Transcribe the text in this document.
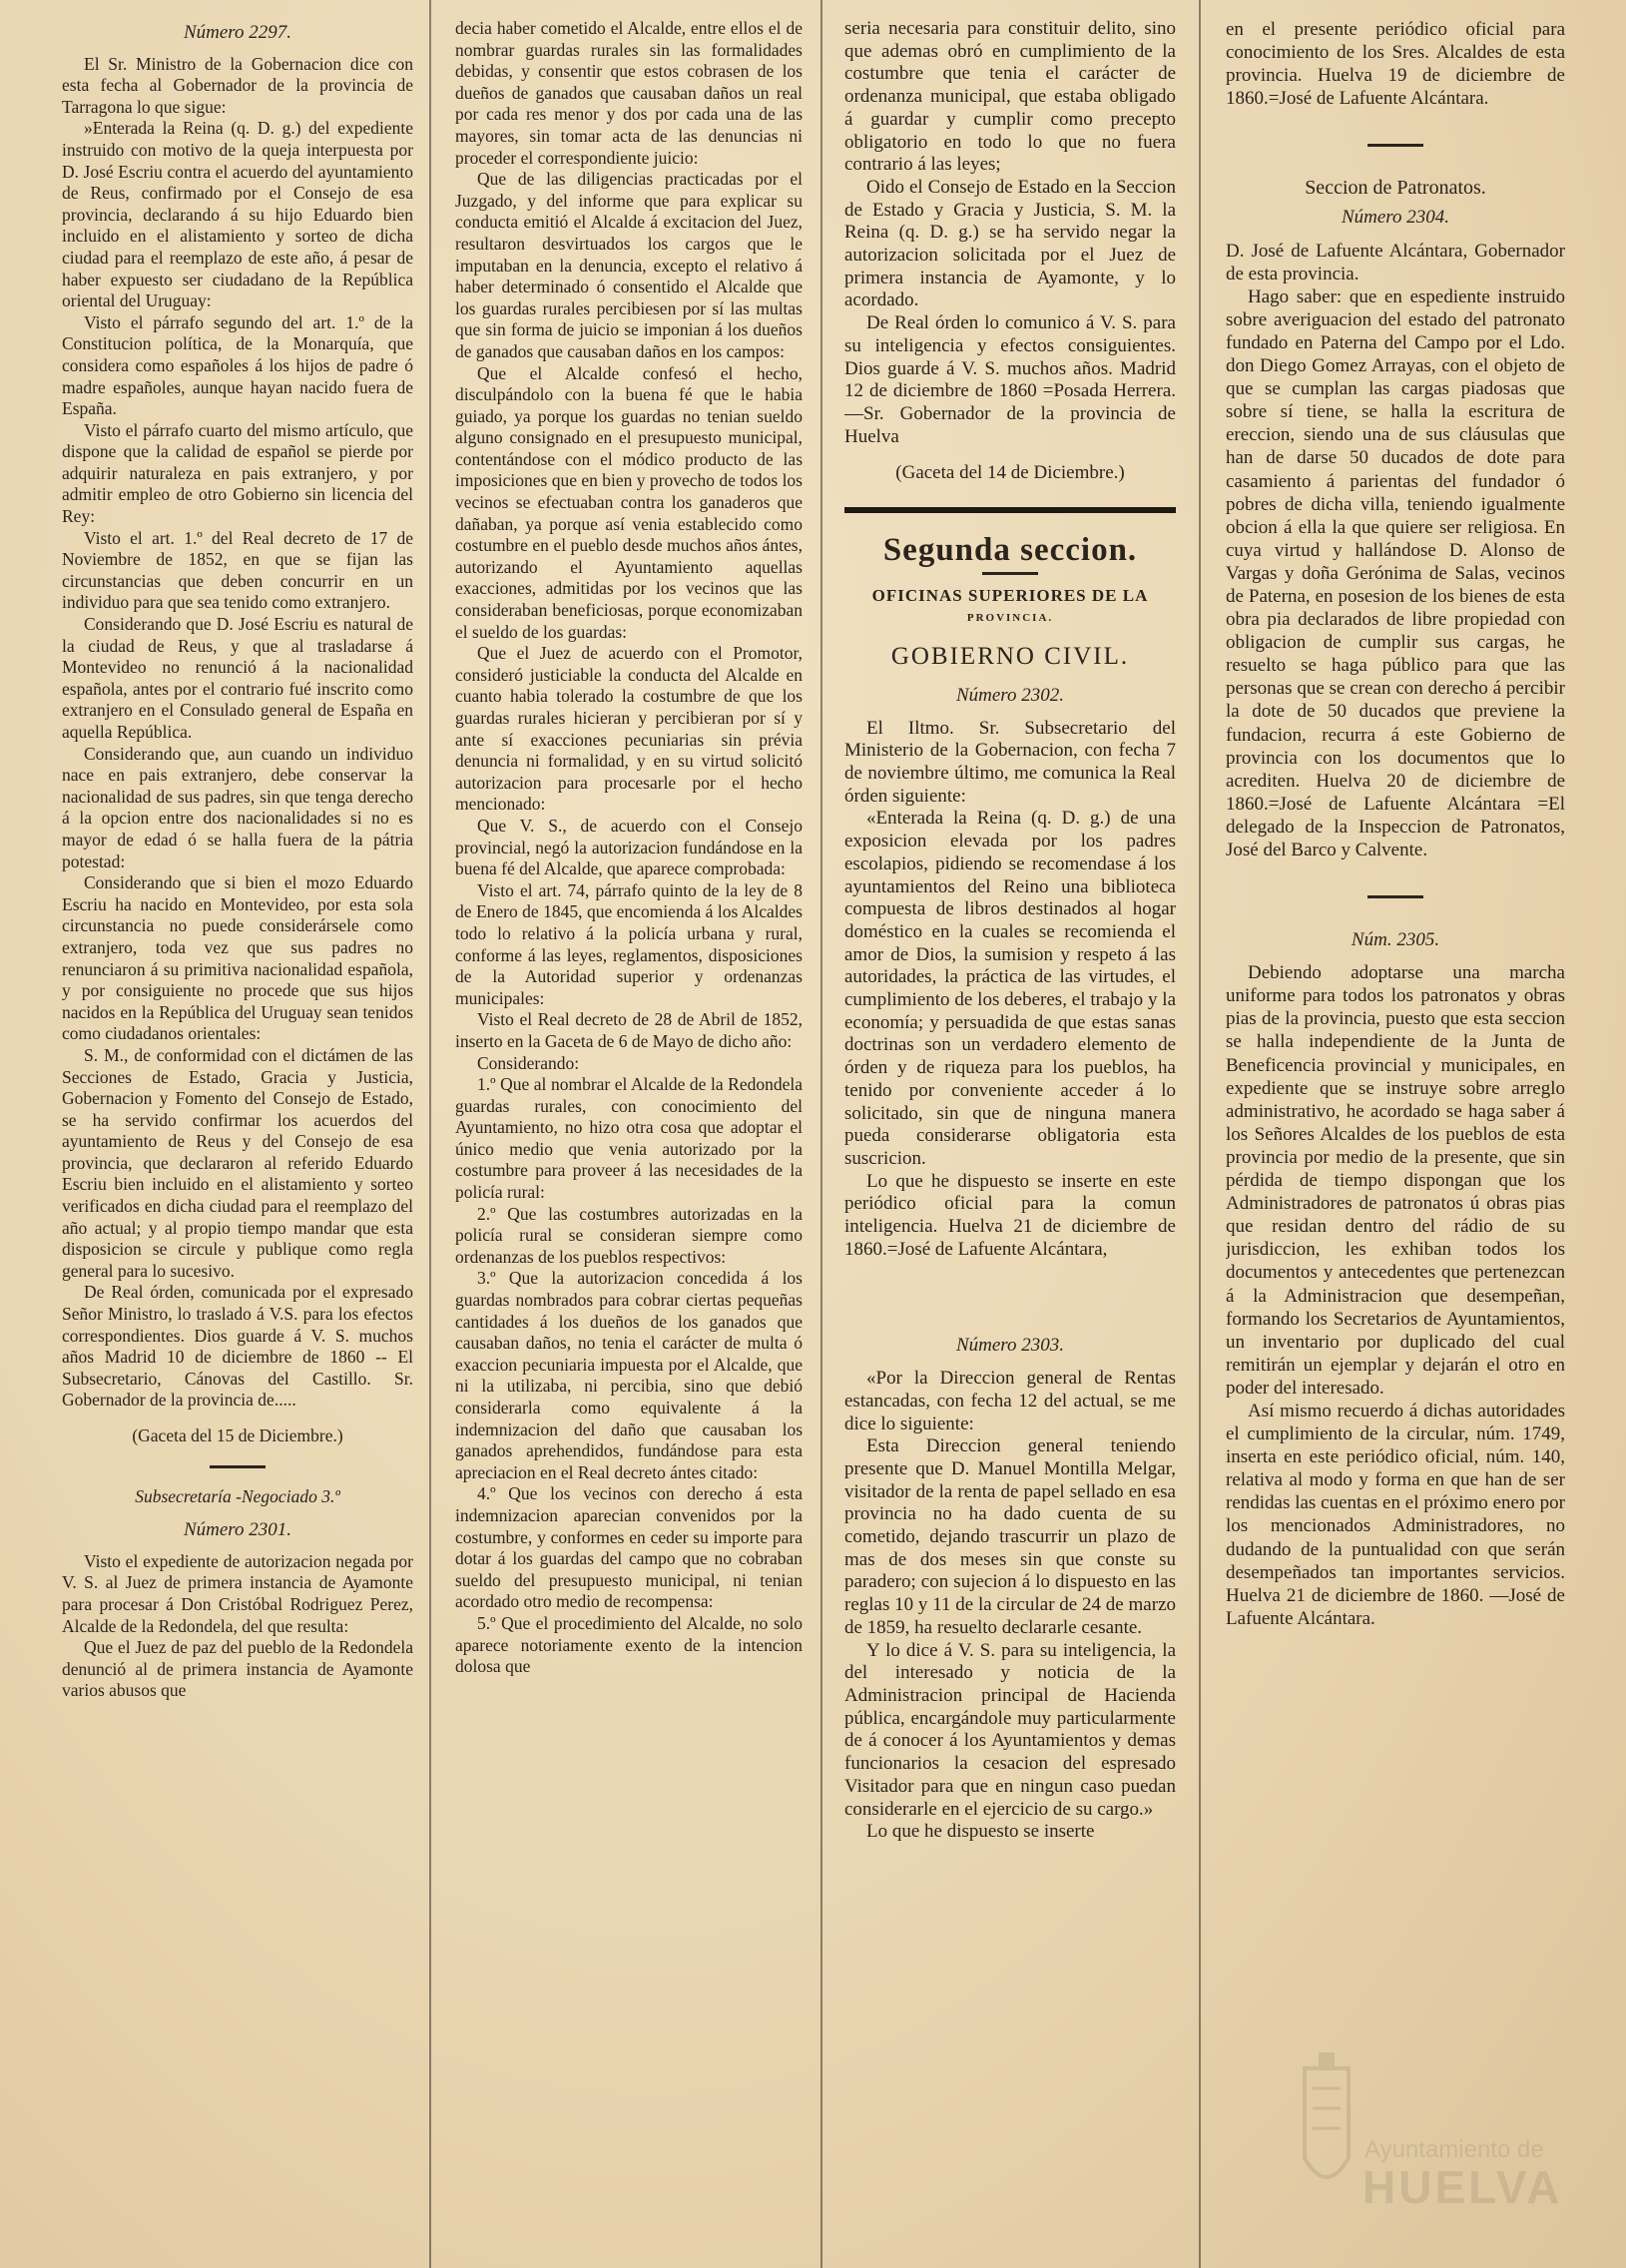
Número 2297.

El Sr. Ministro de la Gobernacion dice con esta fecha al Gobernador de la provincia de Tarragona lo que sigue:

»Enterada la Reina (q. D. g.) del expediente instruido con motivo de la queja interpuesta por D. José Escriu contra el acuerdo del ayuntamiento de Reus, confirmado por el Consejo de esa provincia, declarando á su hijo Eduardo bien incluido en el alistamiento y sorteo de dicha ciudad para el reemplazo de este año, á pesar de haber expuesto ser ciudadano de la República oriental del Uruguay:

Visto el párrafo segundo del art. 1.º de la Constitucion política, de la Monarquía, que considera como españoles á los hijos de padre ó madre españoles, aunque hayan nacido fuera de España.

Visto el párrafo cuarto del mismo artículo, que dispone que la calidad de español se pierde por adquirir naturaleza en pais extranjero, y por admitir empleo de otro Gobierno sin licencia del Rey:

Visto el art. 1.º del Real decreto de 17 de Noviembre de 1852, en que se fijan las circunstancias que deben concurrir en un individuo para que sea tenido como extranjero.

Considerando que D. José Escriu es natural de la ciudad de Reus, y que al trasladarse á Montevideo no renunció á la nacionalidad española, antes por el contrario fué inscrito como extranjero en el Consulado general de España en aquella República.

Considerando que, aun cuando un individuo nace en pais extranjero, debe conservar la nacionalidad de sus padres, sin que tenga derecho á la opcion entre dos nacionalidades si no es mayor de edad ó se halla fuera de la pátria potestad:

Considerando que si bien el mozo Eduardo Escriu ha nacido en Montevideo, por esta sola circunstancia no puede considerársele como extranjero, toda vez que sus padres no renunciaron á su primitiva nacionalidad española, y por consiguiente no procede que sus hijos nacidos en la República del Uruguay sean tenidos como ciudadanos orientales:

S. M., de conformidad con el dictámen de las Secciones de Estado, Gracia y Justicia, Gobernacion y Fomento del Consejo de Estado, se ha servido confirmar los acuerdos del ayuntamiento de Reus y del Consejo de esa provincia, que declararon al referido Eduardo Escriu bien incluido en el alistamiento y sorteo verificados en dicha ciudad para el reemplazo del año actual; y al propio tiempo mandar que esta disposicion se circule y publique como regla general para lo sucesivo.

De Real órden, comunicada por el expresado Señor Ministro, lo traslado á V.S. para los efectos correspondientes. Dios guarde á V. S. muchos años Madrid 10 de diciembre de 1860 -- El Subsecretario, Cánovas del Castillo. Sr. Gobernador de la provincia de.....

(Gaceta del 15 de Diciembre.)
Subsecretaría -Negociado 3.º
Número 2301.

Visto el expediente de autorizacion negada por V. S. al Juez de primera instancia de Ayamonte para procesar á Don Cristóbal Rodriguez Perez, Alcalde de la Redondela, del que resulta:

Que el Juez de paz del pueblo de la Redondela denunció al de primera instancia de Ayamonte varios abusos que

decia haber cometido el Alcalde, entre ellos el de nombrar guardas rurales sin las formalidades debidas, y consentir que estos cobrasen de los dueños de ganados que causaban daños un real por cada res menor y dos por cada una de las mayores, sin tomar acta de las denuncias ni proceder el correspondiente juicio:

Que de las diligencias practicadas por el Juzgado, y del informe que para explicar su conducta emitió el Alcalde á excitacion del Juez, resultaron desvirtuados los cargos que le imputaban en la denuncia, excepto el relativo á haber determinado ó consentido el Alcalde que los guardas rurales percibiesen por sí las multas que sin forma de juicio se imponian á los dueños de ganados que causaban daños en los campos:

Que el Alcalde confesó el hecho, disculpándolo con la buena fé que le habia guiado, ya porque los guardas no tenian sueldo alguno consignado en el presupuesto municipal, contentándose con el módico producto de las imposiciones que en bien y provecho de todos los vecinos se efectuaban contra los ganaderos que dañaban, ya porque así venia establecido como costumbre en el pueblo desde muchos años ántes, autorizando el Ayuntamiento aquellas exacciones, admitidas por los vecinos que las consideraban beneficiosas, porque economizaban el sueldo de los guardas:

Que el Juez de acuerdo con el Promotor, consideró justiciable la conducta del Alcalde en cuanto habia tolerado la costumbre de que los guardas rurales hicieran y percibieran por sí y ante sí exacciones pecuniarias sin prévia denuncia ni formalidad, y en su virtud solicitó autorizacion para procesarle por el hecho mencionado:

Que V. S., de acuerdo con el Consejo provincial, negó la autorizacion fundándose en la buena fé del Alcalde, que aparece comprobada:

Visto el art. 74, párrafo quinto de la ley de 8 de Enero de 1845, que encomienda á los Alcaldes todo lo relativo á la policía urbana y rural, conforme á las leyes, reglamentos, disposiciones de la Autoridad superior y ordenanzas municipales:

Visto el Real decreto de 28 de Abril de 1852, inserto en la Gaceta de 6 de Mayo de dicho año:

Considerando:

1.º Que al nombrar el Alcalde de la Redondela guardas rurales, con conocimiento del Ayuntamiento, no hizo otra cosa que adoptar el único medio que venia autorizado por la costumbre para proveer á las necesidades de la policía rural:

2.º Que las costumbres autorizadas en la policía rural se consideran siempre como ordenanzas de los pueblos respectivos:

3.º Que la autorizacion concedida á los guardas nombrados para cobrar ciertas pequeñas cantidades á los dueños de los ganados que causaban daños, no tenia el carácter de multa ó exaccion pecuniaria impuesta por el Alcalde, que ni la utilizaba, ni percibia, sino que debió considerarla como equivalente á la indemnizacion del daño que causaban los ganados aprehendidos, fundándose para esta apreciacion en el Real decreto ántes citado:

4.º Que los vecinos con derecho á esta indemnizacion aparecian convenidos por la costumbre, y conformes en ceder su importe para dotar á los guardas del campo que no cobraban sueldo del presupuesto municipal, ni tenian acordado otro medio de recompensa:

5.º Que el procedimiento del Alcalde, no solo aparece notoriamente exento de la intencion dolosa que

seria necesaria para constituir delito, sino que ademas obró en cumplimiento de la costumbre que tenia el carácter de ordenanza municipal, que estaba obligado á guardar y cumplir como precepto obligatorio en todo lo que no fuera contrario á las leyes;

Oido el Consejo de Estado en la Seccion de Estado y Gracia y Justicia, S. M. la Reina (q. D. g.) se ha servido negar la autorizacion solicitada por el Juez de primera instancia de Ayamonte, y lo acordado.

De Real órden lo comunico á V. S. para su inteligencia y efectos consiguientes. Dios guarde á V. S. muchos años. Madrid 12 de diciembre de 1860 =Posada Herrera.—Sr. Gobernador de la provincia de Huelva

(Gaceta del 14 de Diciembre.)
Segunda seccion.
OFICINAS SUPERIORES DE LA
PROVINCIA.
GOBIERNO CIVIL.
Número 2302.

El Iltmo. Sr. Subsecretario del Ministerio de la Gobernacion, con fecha 7 de noviembre último, me comunica la Real órden siguiente:

«Enterada la Reina (q. D. g.) de una exposicion elevada por los padres escolapios, pidiendo se recomendase á los ayuntamientos del Reino una biblioteca compuesta de libros destinados al hogar doméstico en la cuales se recomienda el amor de Dios, la sumision y respeto á las autoridades, la práctica de las virtudes, el cumplimiento de los deberes, el trabajo y la economía; y persuadida de que estas sanas doctrinas son un verdadero elemento de órden y de riqueza para los pueblos, ha tenido por conveniente acceder á lo solicitado, sin que de ninguna manera pueda considerarse obligatoria esta suscricion.

Lo que he dispuesto se inserte en este periódico oficial para la comun inteligencia. Huelva 21 de diciembre de 1860.=José de Lafuente Alcántara,

Número 2303.

«Por la Direccion general de Rentas estancadas, con fecha 12 del actual, se me dice lo siguiente:

Esta Direccion general teniendo presente que D. Manuel Montilla Melgar, visitador de la renta de papel sellado en esa provincia no ha dado cuenta de su cometido, dejando trascurrir un plazo de mas de dos meses sin que conste su paradero; con sujecion á lo dispuesto en las reglas 10 y 11 de la circular de 24 de marzo de 1859, ha resuelto declararle cesante.

Y lo dice á V. S. para su inteligencia, la del interesado y noticia de la Administracion principal de Hacienda pública, encargándole muy particularmente de á conocer á los Ayuntamientos y demas funcionarios la cesacion del espresado Visitador para que en ningun caso puedan considerarle en el ejercicio de su cargo.»

Lo que he dispuesto se inserte

en el presente periódico oficial para conocimiento de los Sres. Alcaldes de esta provincia. Huelva 19 de diciembre de 1860.=José de Lafuente Alcántara.

Seccion de Patronatos.
Número 2304.

D. José de Lafuente Alcántara, Gobernador de esta provincia.

Hago saber: que en espediente instruido sobre averiguacion del estado del patronato fundado en Paterna del Campo por el Ldo. don Diego Gomez Arrayas, con el objeto de que se cumplan las cargas piadosas que sobre sí tiene, se halla la escritura de ereccion, siendo una de sus cláusulas que han de darse 50 ducados de dote para casamiento á parientas del fundador ó pobres de dicha villa, teniendo igualmente obcion á ella la que quiere ser religiosa. En cuya virtud y hallándose D. Alonso de Vargas y doña Gerónima de Salas, vecinos de Paterna, en posesion de los bienes de esta obra pia declarados de libre propiedad con obligacion de cumplir sus cargas, he resuelto se haga público para que las personas que se crean con derecho á percibir la dote de 50 ducados que previene la fundacion, recurra á este Gobierno de provincia con los documentos que lo acrediten. Huelva 20 de diciembre de 1860.=José de Lafuente Alcántara =El delegado de la Inspeccion de Patronatos, José del Barco y Calvente.

Núm. 2305.

Debiendo adoptarse una marcha uniforme para todos los patronatos y obras pias de la provincia, puesto que esta seccion se halla independiente de la Junta de Beneficencia provincial y municipales, en expediente que se instruye sobre arreglo administrativo, he acordado se haga saber á los Señores Alcaldes de los pueblos de esta provincia por medio de la presente, que sin pérdida de tiempo dispongan que los Administradores de patronatos ú obras pias que residan dentro del rádio de su jurisdiccion, les exhiban todos los documentos y antecedentes que pertenezcan á la Administracion que desempeñan, formando los Secretarios de Ayuntamientos, un inventario por duplicado del cual remitirán un ejemplar y dejarán el otro en poder del interesado.

Así mismo recuerdo á dichas autoridades el cumplimiento de la circular, núm. 1749, inserta en este periódico oficial, núm. 140, relativa al modo y forma en que han de ser rendidas las cuentas en el próximo enero por los mencionados Administradores, no dudando de la puntualidad con que serán desempeñados tan importantes servicios. Huelva 21 de diciembre de 1860. —José de Lafuente Alcántara.

Ayuntamiento de
HUELVA
